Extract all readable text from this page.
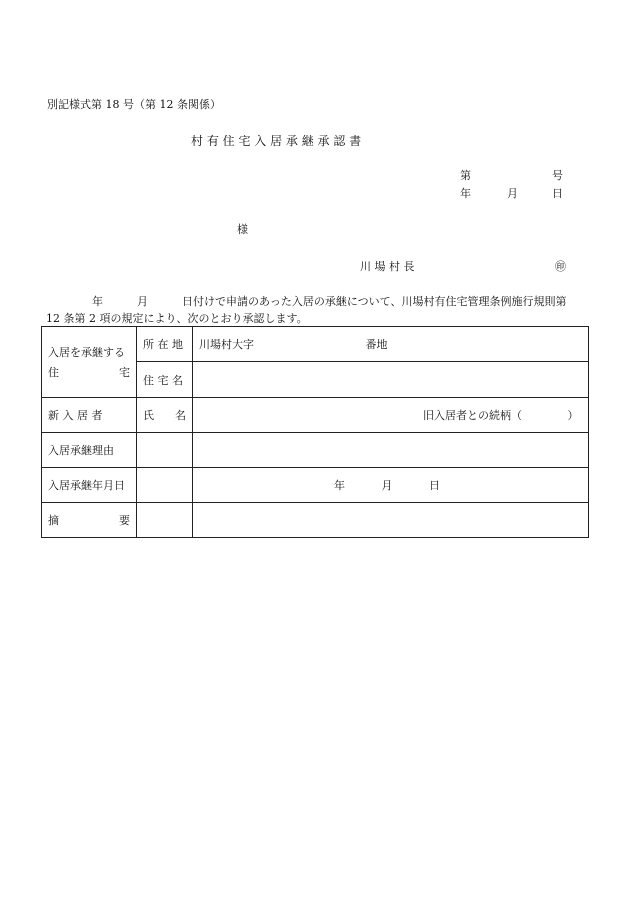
別記様式第 18 号（第 12 条関係）
村 有 住 宅 入 居 承 継 承 認 書
第	号
年	月	日
様
川 場 村 長	㊞
年	月	日付けで申請のあった入居の承継について、川場村有住宅管理条例施行規則第
12 条第 2 項の規定により、次のとおり承認します。
入居を承継する
住 宅	所 在 地	川場村大字 番地
	住 宅 名	
新 入 居 者	氏 名	旧入居者との続柄（ ）
入居承継理由		
入居承継年月日		年 月 日

摘 要		
